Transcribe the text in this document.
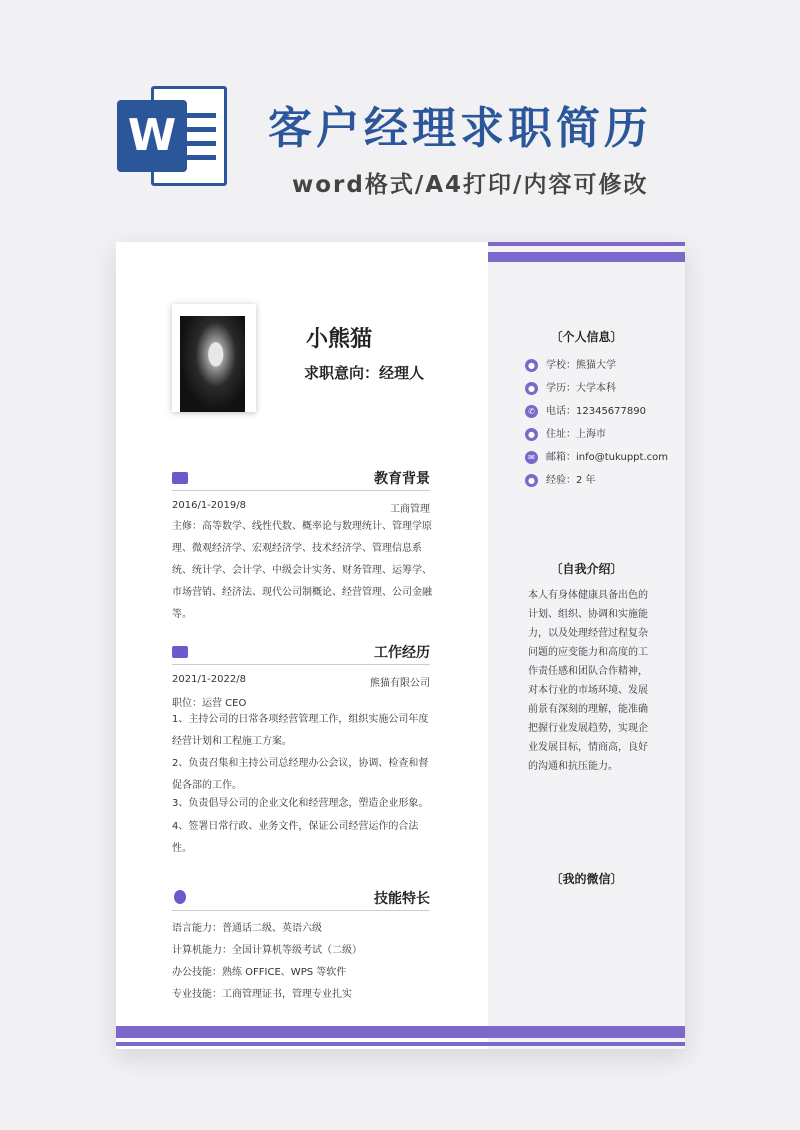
W 客户经理求职简历
word格式/A4打印/内容可修改
小熊猫
求职意向：经理人
教育背景
2016/1-2019/8	工商管理
主修：高等数学、线性代数、概率论与数理统计、管理学原理、微观经济学、宏观经济学、技术经济学、管理信息系统、统计学、会计学、中级会计实务、财务管理、运筹学、市场营销、经济法、现代公司制概论、经营管理、公司金融等。
工作经历
2021/1-2022/8	熊猫有限公司
职位：运营 CEO
1、主持公司的日常各项经营管理工作，组织实施公司年度经营计划和工程施工方案。
2、负责召集和主持公司总经理办公会议，协调、检查和督促各部的工作。
3、负责倡导公司的企业文化和经营理念，塑造企业形象。
4、签署日常行政、业务文件，保证公司经营运作的合法性。
技能特长
语言能力：普通话二级、英语六级
计算机能力：全国计算机等级考试（二级）
办公技能：熟练 OFFICE、WPS 等软件
专业技能：工商管理证书，管理专业扎实
〔个人信息〕
● 学校：熊猫大学
● 学历：大学本科
✆ 电话：12345677890
● 住址：上海市
✉ 邮箱：info@tukuppt.com
● 经验：2 年
〔自我介绍〕
本人有身体健康具备出色的计划、组织、协调和实施能力，以及处理经营过程复杂问题的应变能力和高度的工作责任感和团队合作精神，对本行业的市场环境、发展前景有深刻的理解，能准确把握行业发展趋势，实现企业发展目标，情商高，良好的沟通和抗压能力。
〔我的微信〕
